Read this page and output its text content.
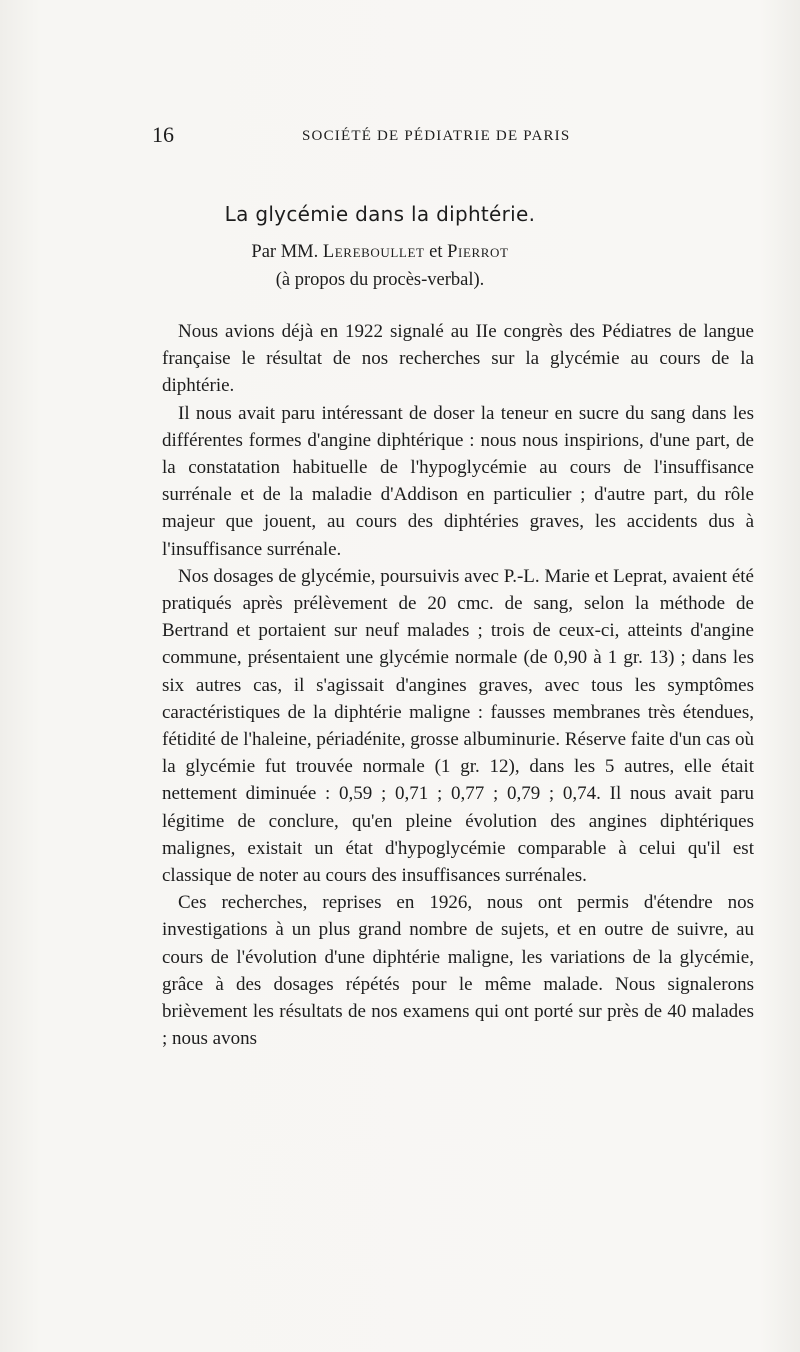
16	SOCIÉTÉ DE PÉDIATRIE DE PARIS
La glycémie dans la diphtérie.
Par MM. Lereboullet et Pierrot
(à propos du procès-verbal).

Nous avions déjà en 1922 signalé au IIe congrès des Pédiatres de langue française le résultat de nos recherches sur la glycémie au cours de la diphtérie.

Il nous avait paru intéressant de doser la teneur en sucre du sang dans les différentes formes d'angine diphtérique : nous nous inspirions, d'une part, de la constatation habituelle de l'hypoglycémie au cours de l'insuffisance surrénale et de la maladie d'Addison en particulier ; d'autre part, du rôle majeur que jouent, au cours des diphtéries graves, les accidents dus à l'insuffisance surrénale.

Nos dosages de glycémie, poursuivis avec P.-L. Marie et Leprat, avaient été pratiqués après prélèvement de 20 cmc. de sang, selon la méthode de Bertrand et portaient sur neuf malades ; trois de ceux-ci, atteints d'angine commune, présentaient une glycémie normale (de 0,90 à 1 gr. 13) ; dans les six autres cas, il s'agissait d'angines graves, avec tous les symptômes caractéristiques de la diphtérie maligne : fausses membranes très étendues, fétidité de l'haleine, périadénite, grosse albuminurie. Réserve faite d'un cas où la glycémie fut trouvée normale (1 gr. 12), dans les 5 autres, elle était nettement diminuée : 0,59 ; 0,71 ; 0,77 ; 0,79 ; 0,74. Il nous avait paru légitime de conclure, qu'en pleine évolution des angines diphtériques malignes, existait un état d'hypoglycémie comparable à celui qu'il est classique de noter au cours des insuffisances surrénales.

Ces recherches, reprises en 1926, nous ont permis d'étendre nos investigations à un plus grand nombre de sujets, et en outre de suivre, au cours de l'évolution d'une diphtérie maligne, les variations de la glycémie, grâce à des dosages répétés pour le même malade. Nous signalerons brièvement les résultats de nos examens qui ont porté sur près de 40 malades ; nous avons
